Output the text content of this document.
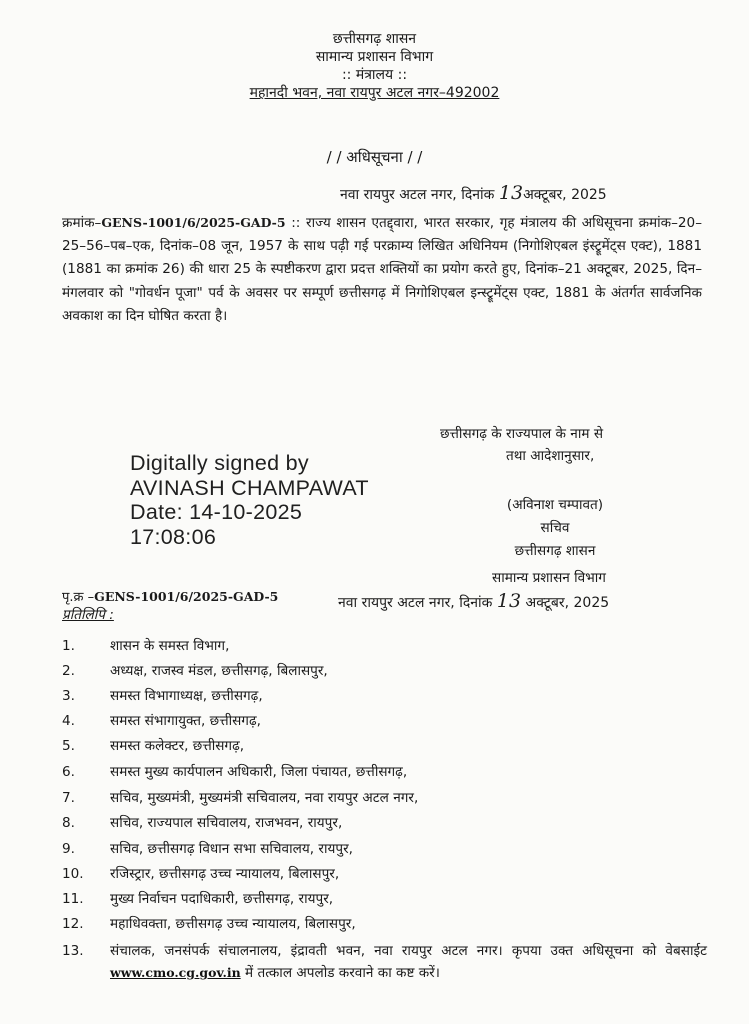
छत्तीसगढ़ शासन
सामान्य प्रशासन विभाग
:: मंत्रालय ::
महानदी भवन, नवा रायपुर अटल नगर–492002
/ / अधिसूचना / /
नवा रायपुर अटल नगर, दिनांक 13अक्टूबर, 2025
क्रमांक–GENS-1001/6/2025-GAD-5 :: राज्य शासन एतद्द्वारा, भारत सरकार, गृह मंत्रालय की अधिसूचना क्रमांक–20– 25–56–पब–एक, दिनांक–08 जून, 1957 के साथ पढ़ी गई परक्राम्य लिखित अधिनियम (निगोशिएबल इंस्ट्रूमेंट्स एक्ट), 1881 (1881 का क्रमांक 26) की धारा 25 के स्पष्टीकरण द्वारा प्रदत्त शक्तियों का प्रयोग करते हुए, दिनांक–21 अक्टूबर, 2025, दिन–मंगलवार को "गोवर्धन पूजा" पर्व के अवसर पर सम्पूर्ण छत्तीसगढ़ में निगोशिएबल इन्स्ट्रूमेंट्स एक्ट, 1881 के अंतर्गत सार्वजनिक अवकाश का दिन घोषित करता है।
छत्तीसगढ़ के राज्यपाल के नाम से
तथा आदेशानुसार,
Digitally signed by
AVINASH CHAMPAWAT
Date: 14-10-2025
17:08:06
(अविनाश चम्पावत)
सचिव
छत्तीसगढ़ शासन
सामान्य प्रशासन विभाग
पृ.क्र –GENS-1001/6/2025-GAD-5	नवा रायपुर अटल नगर, दिनांक 13 अक्टूबर, 2025
प्रतिलिपि :
1.	शासन के समस्त विभाग,
2.	अध्यक्ष, राजस्व मंडल, छत्तीसगढ़, बिलासपुर,
3.	समस्त विभागाध्यक्ष, छत्तीसगढ़,
4.	समस्त संभागायुक्त, छत्तीसगढ़,
5.	समस्त कलेक्टर, छत्तीसगढ़,
6.	समस्त मुख्य कार्यपालन अधिकारी, जिला पंचायत, छत्तीसगढ़,
7.	सचिव, मुख्यमंत्री, मुख्यमंत्री सचिवालय, नवा रायपुर अटल नगर,
8.	सचिव, राज्यपाल सचिवालय, राजभवन, रायपुर,
9.	सचिव, छत्तीसगढ़ विधान सभा सचिवालय, रायपुर,
10. रजिस्ट्रार, छत्तीसगढ़ उच्च न्यायालय, बिलासपुर,
11. मुख्य निर्वाचन पदाधिकारी, छत्तीसगढ़, रायपुर,
12. महाधिवक्ता, छत्तीसगढ़ उच्च न्यायालय, बिलासपुर,
13. संचालक, जनसंपर्क संचालनालय, इंद्रावती भवन, नवा रायपुर अटल नगर। कृपया उक्त अधिसूचना को वेबसाईट www.cmo.cg.gov.in में तत्काल अपलोड करवाने का कष्ट करें।
